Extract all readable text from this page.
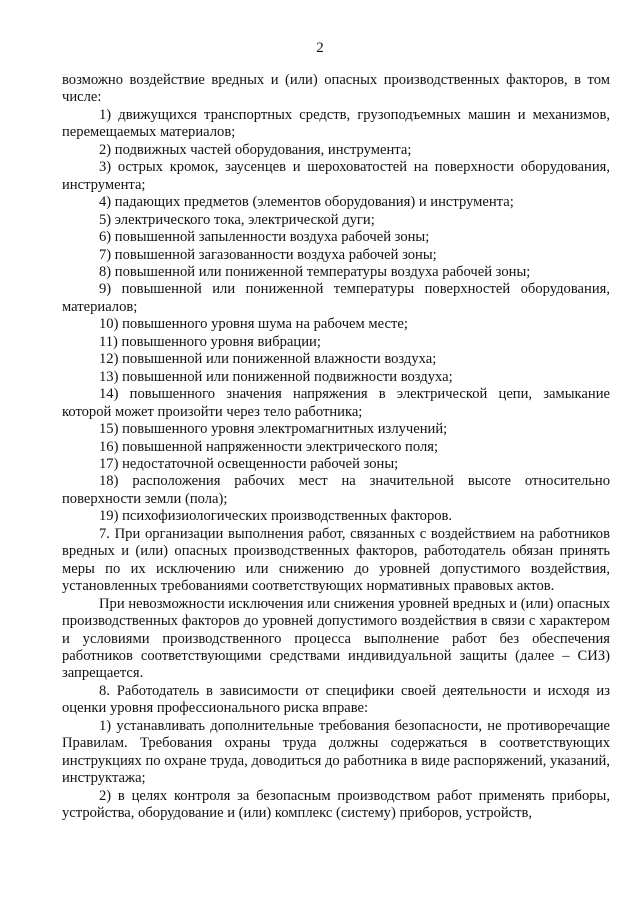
2

возможно воздействие вредных и (или) опасных производственных факторов, в том числе:

1) движущихся транспортных средств, грузоподъемных машин и механизмов, перемещаемых материалов;

2) подвижных частей оборудования, инструмента;

3) острых кромок, заусенцев и шероховатостей на поверхности оборудования, инструмента;

4) падающих предметов (элементов оборудования) и инструмента;

5) электрического тока, электрической дуги;

6) повышенной запыленности воздуха рабочей зоны;

7) повышенной загазованности воздуха рабочей зоны;

8) повышенной или пониженной температуры воздуха рабочей зоны;

9) повышенной или пониженной температуры поверхностей оборудования, материалов;

10) повышенного уровня шума на рабочем месте;

11) повышенного уровня вибрации;

12) повышенной или пониженной влажности воздуха;

13) повышенной или пониженной подвижности воздуха;

14) повышенного значения напряжения в электрической цепи, замыкание которой может произойти через тело работника;

15) повышенного уровня электромагнитных излучений;

16) повышенной напряженности электрического поля;

17) недостаточной освещенности рабочей зоны;

18) расположения рабочих мест на значительной высоте относительно поверхности земли (пола);

19) психофизиологических производственных факторов.

7. При организации выполнения работ, связанных с воздействием на работников вредных и (или) опасных производственных факторов, работодатель обязан принять меры по их исключению или снижению до уровней допустимого воздействия, установленных требованиями соответствующих нормативных правовых актов.

При невозможности исключения или снижения уровней вредных и (или) опасных производственных факторов до уровней допустимого воздействия в связи с характером и условиями производственного процесса выполнение работ без обеспечения работников соответствующими средствами индивидуальной защиты (далее – СИЗ) запрещается.

8. Работодатель в зависимости от специфики своей деятельности и исходя из оценки уровня профессионального риска вправе:

1) устанавливать дополнительные требования безопасности, не противоречащие Правилам. Требования охраны труда должны содержаться в соответствующих инструкциях по охране труда, доводиться до работника в виде распоряжений, указаний, инструктажа;

2) в целях контроля за безопасным производством работ применять приборы, устройства, оборудование и (или) комплекс (систему) приборов, устройств,
